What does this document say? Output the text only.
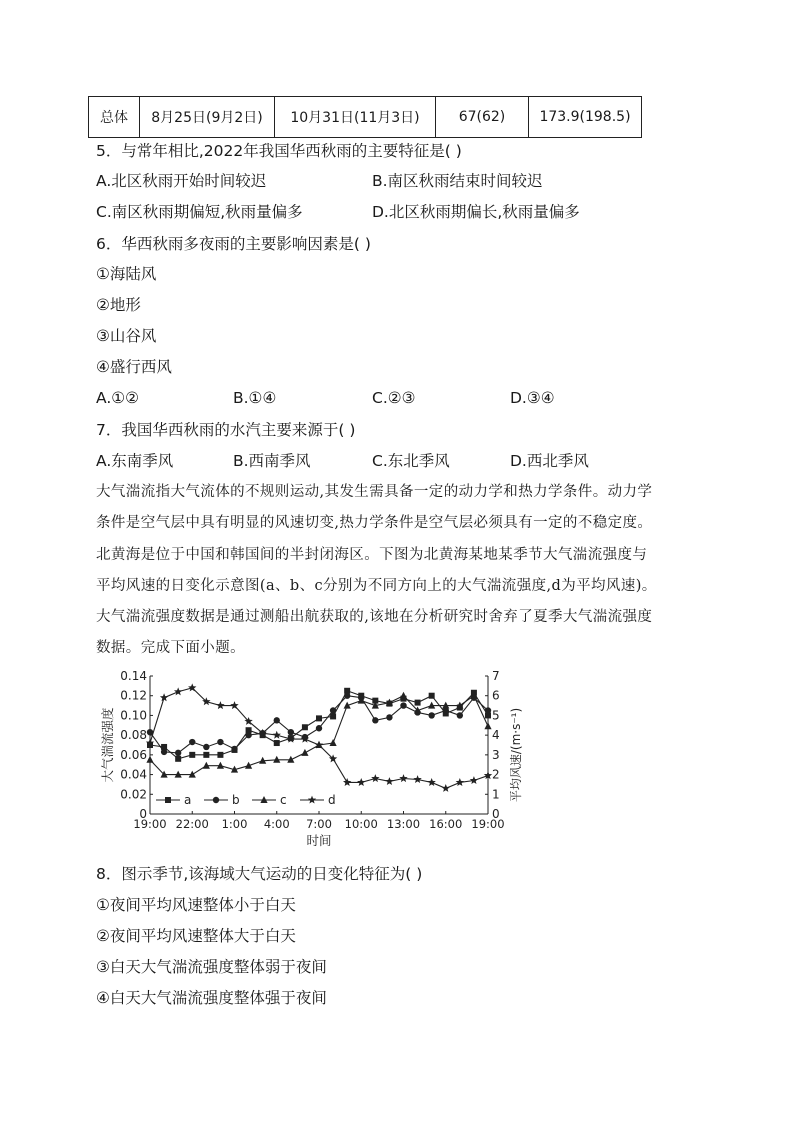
总体	8月25日(9月2日)	10月31日(11月3日)	67(62)	173.9(198.5)
5．与常年相比,2022年我国华西秋雨的主要特征是( )
A.北区秋雨开始时间较迟	B.南区秋雨结束时间较迟
C.南区秋雨期偏短,秋雨量偏多	D.北区秋雨期偏长,秋雨量偏多
6．华西秋雨多夜雨的主要影响因素是( )
①海陆风
②地形
③山谷风
④盛行西风
A.①②	B.①④	C.②③	D.③④
7．我国华西秋雨的水汽主要来源于( )
A.东南季风	B.西南季风	C.东北季风	D.西北季风
大气湍流指大气流体的不规则运动,其发生需具备一定的动力学和热力学条件。动力学
条件是空气层中具有明显的风速切变,热力学条件是空气层必须具有一定的不稳定度。
北黄海是位于中国和韩国间的半封闭海区。下图为北黄海某地某季节大气湍流强度与
平均风速的日变化示意图(a、b、c分别为不同方向上的大气湍流强度,d为平均风速)。
大气湍流强度数据是通过测船出航获取的,该地在分析研究时舍弃了夏季大气湍流强度
数据。完成下面小题。
0
0.02
0.04
0.06
0.08
0.10
0.12
0.14
0
1
2
3
4
5
6
7
19:00 22:00 1:00 4:00 7:00 10:00 13:00 16:00 19:00
时间
大气湍流强度	平均风速/(m·s⁻¹)
a	b	c	d
8．图示季节,该海域大气运动的日变化特征为( )
①夜间平均风速整体小于白天
②夜间平均风速整体大于白天
③白天大气湍流强度整体弱于夜间
④白天大气湍流强度整体强于夜间
